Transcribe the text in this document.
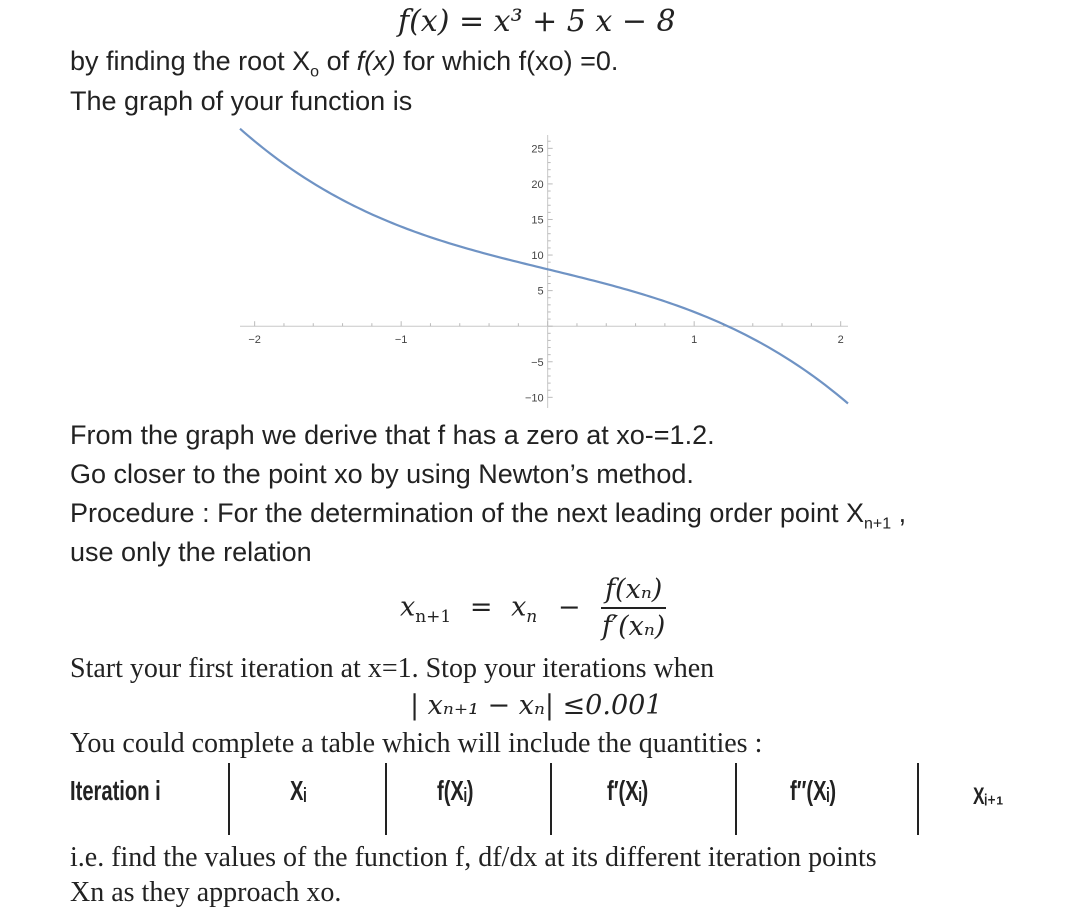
f(x) = x³ + 5 x − 8
by finding the root $X_o$ of f(x) for which f(xo) =0.
The graph of your function is
−2	−1	1	2
25
20
15
10
5
−5
−10
From the graph we derive that f has a zero at xo-=1.2.
Go closer to the point xo by using Newton’s method.
Procedure : For the determination of the next leading order point $X_{n+1}$ ,
use only the relation
$x_{n+1} = x_n - \frac{\text{f(xₙ)}}{\text{f′(xₙ)}}$
Start your first iteration at x=1. Stop your iterations when
| xₙ₊₁ − xₙ| ≤0.001
You could complete a table which will include the quantities :
Iteration i	Xᵢ	f(Xᵢ)	f′(Xᵢ)	f″(Xᵢ)	Xᵢ₊₁
i.e. find the values of the function f, df/dx at its different iteration points
Xn as they approach xo.
